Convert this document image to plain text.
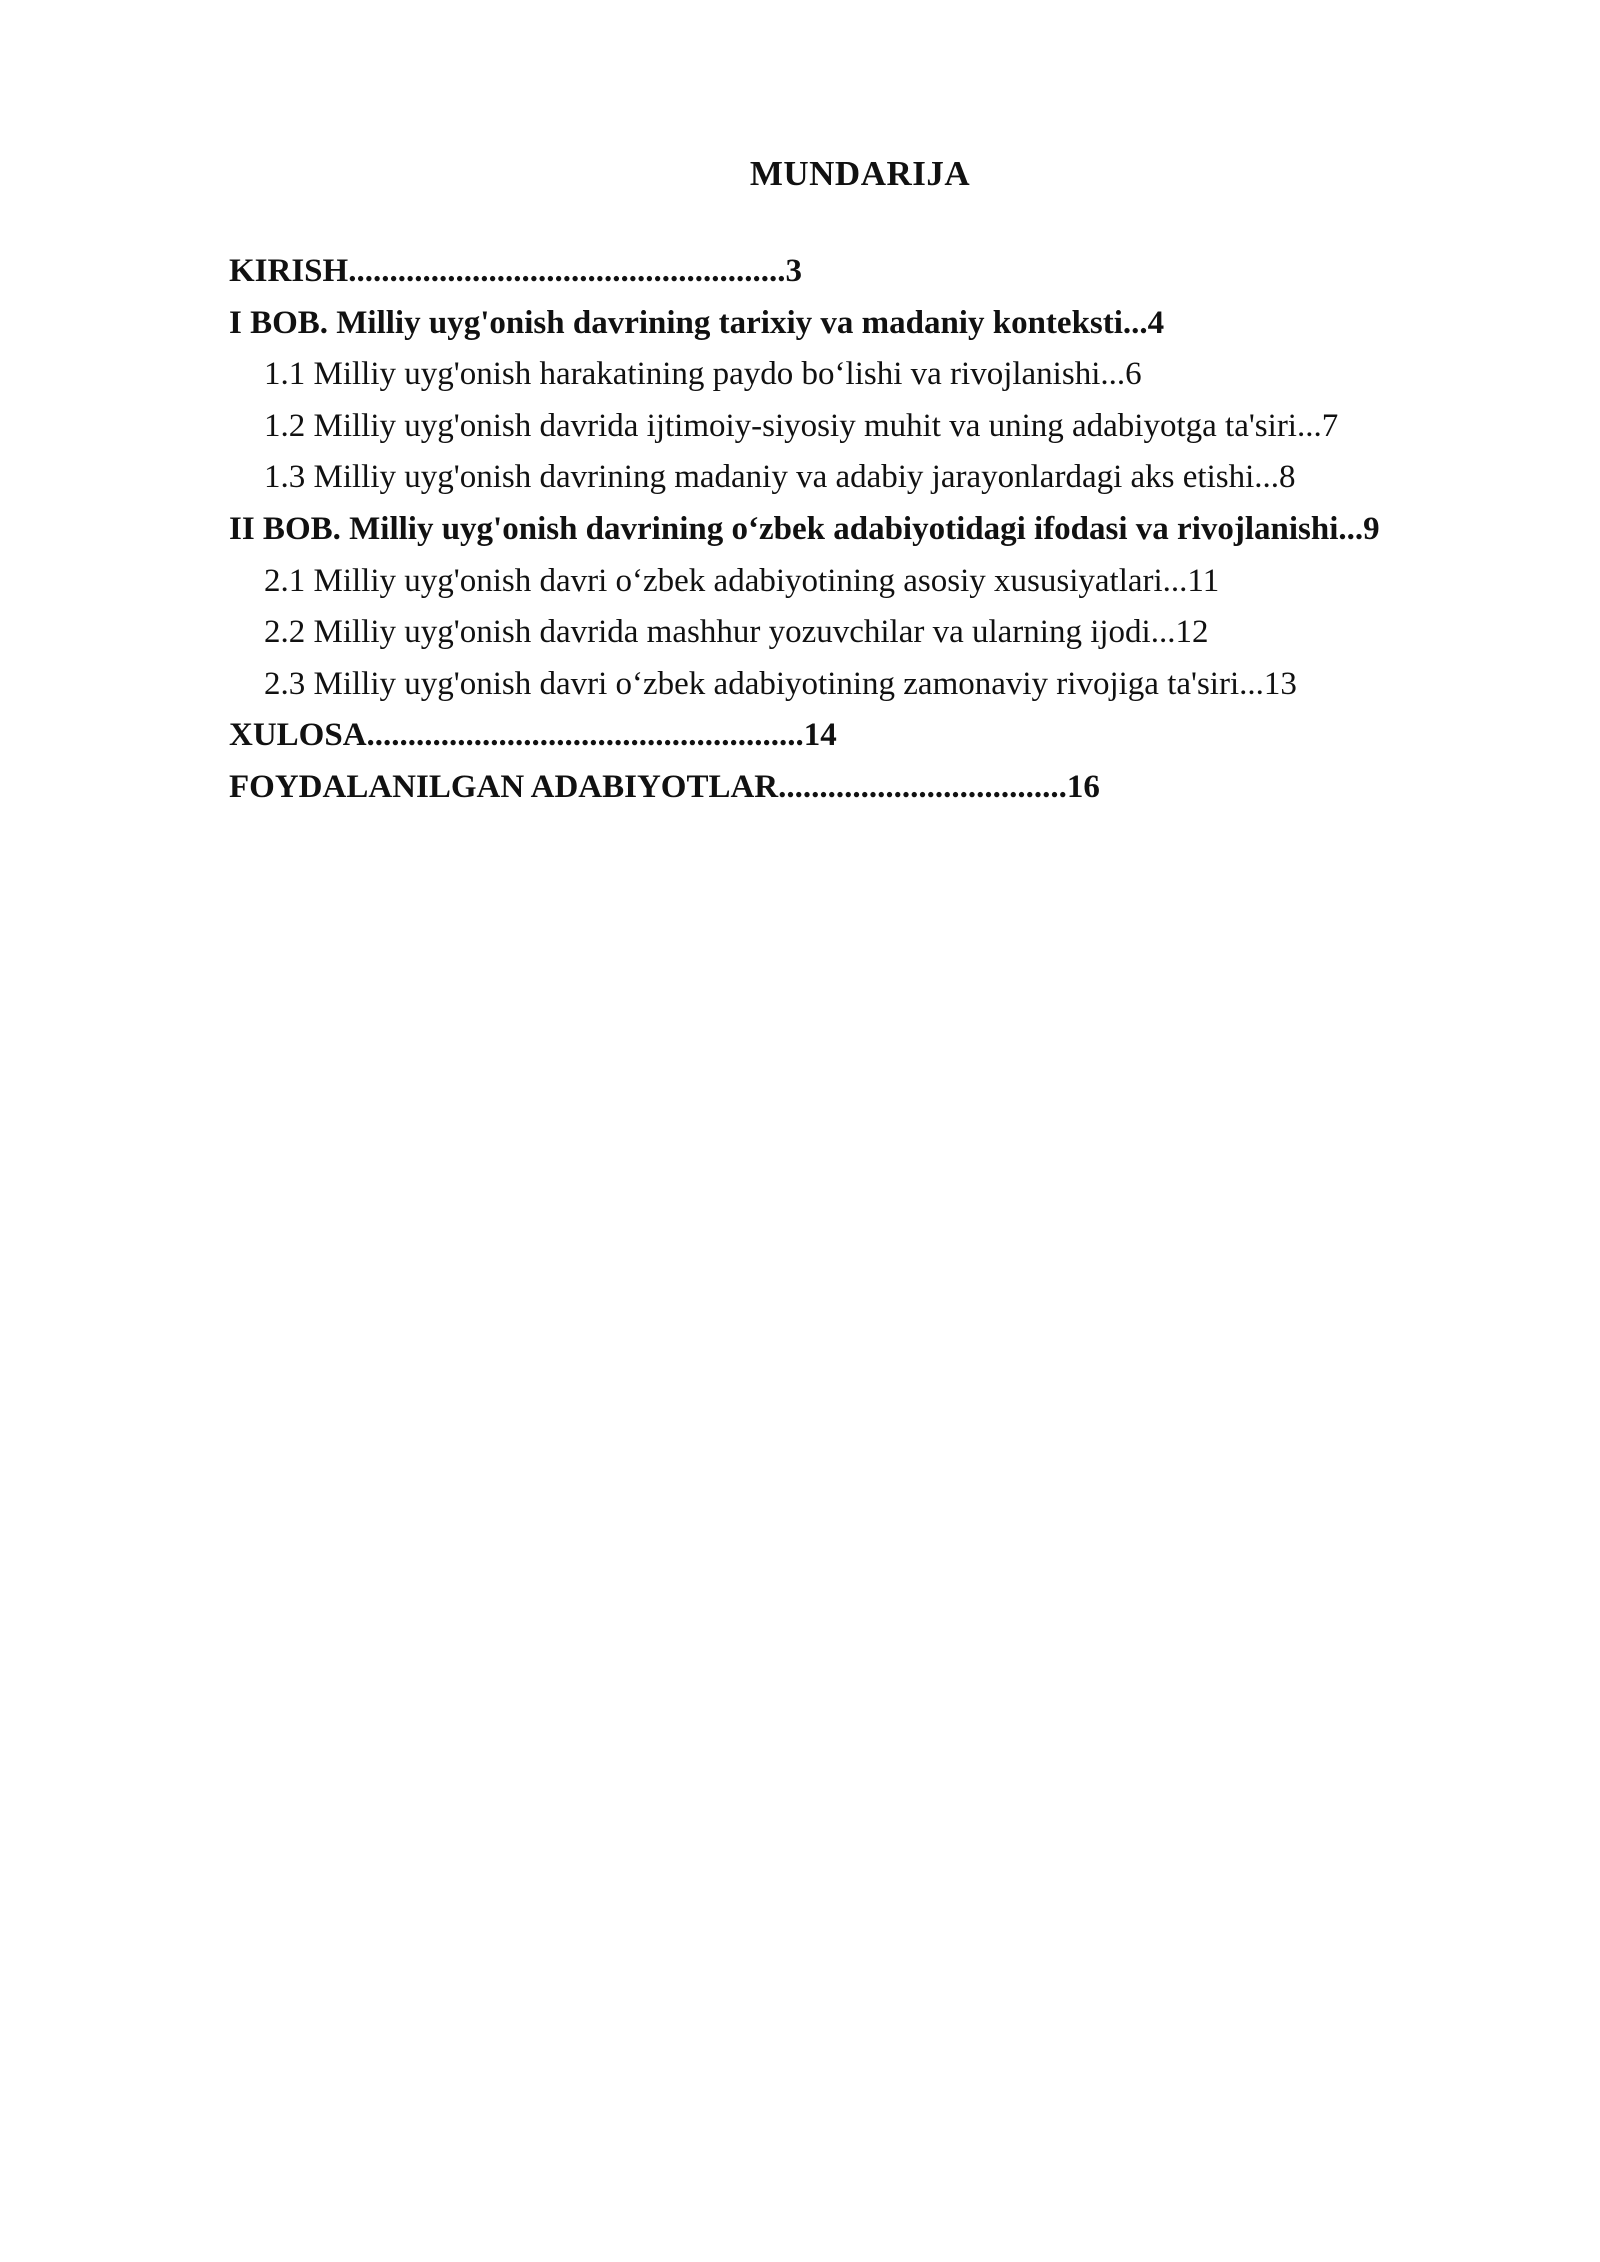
MUNDARIJA
KIRISH.....................................................3
I BOB. Milliy uyg'onish davrining tarixiy va madaniy konteksti...4
1.1 Milliy uyg'onish harakatining paydo bo‘lishi va rivojlanishi...6
1.2 Milliy uyg'onish davrida ijtimoiy-siyosiy muhit va uning adabiyotga ta'siri...7
1.3 Milliy uyg'onish davrining madaniy va adabiy jarayonlardagi aks etishi...8
II BOB. Milliy uyg'onish davrining o‘zbek adabiyotidagi ifodasi va rivojlanishi...9
2.1 Milliy uyg'onish davri o‘zbek adabiyotining asosiy xususiyatlari...11
2.2 Milliy uyg'onish davrida mashhur yozuvchilar va ularning ijodi...12
2.3 Milliy uyg'onish davri o‘zbek adabiyotining zamonaviy rivojiga ta'siri...13
XULOSA.....................................................14
FOYDALANILGAN ADABIYOTLAR...................................16
